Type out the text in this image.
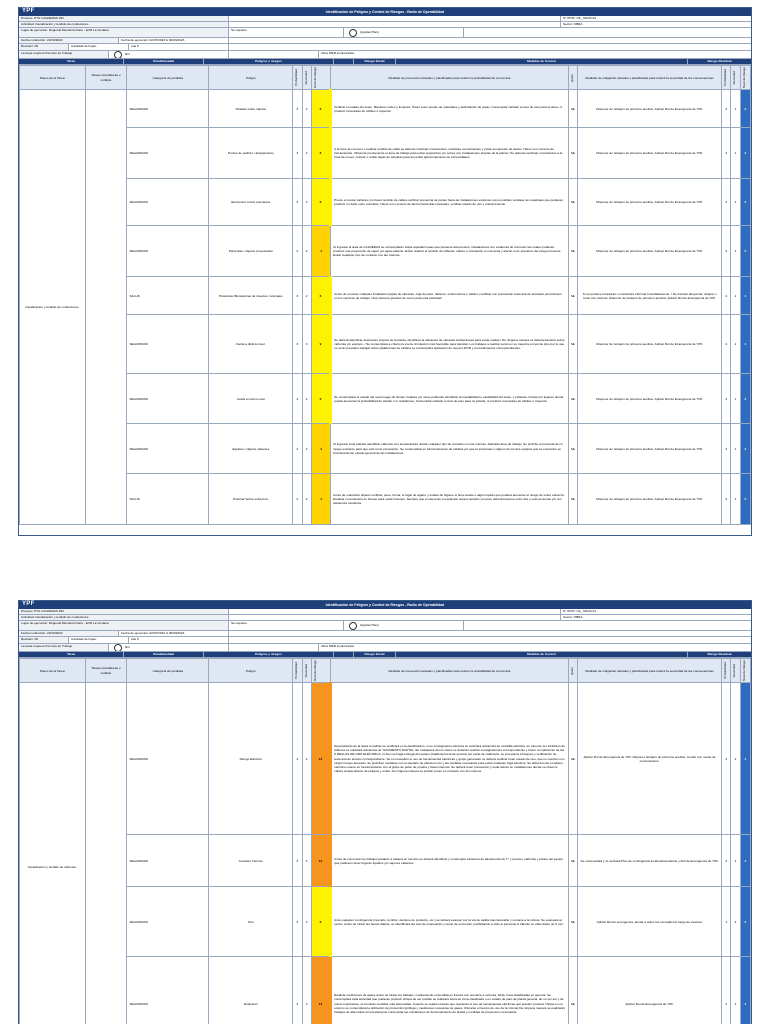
YPF	Identificación de Peligros y Control de Riesgos - Radio de Operabilidad
Proceso: PTG CALDERAS DM	N° IPOK: CIL_SSOS-01
Actividad: Canalización y tendido de conductores	Sector: OBRA
Lugar de ejecución: Regional Mendoza Norte - EVR La Ventana	Se requiere	(Ajustar Plan)
Fecha confección: 22/10/2022	Fecha de ejecución: 02/07/2023 & 30/03/2023
Revisión: 00	Cantidad de hojas:	1de 5
La tarea requiere Permiso de Trabajo	NO	Obra IPER involucrados
Tarea	Simultaneidad	Peligros y riesgos	Riesgo Inicial	Medidas de Control	Riesgo Residual
Pasos de la Tarea	Tareas simultáneas o múltiple	Categoría de pérdidas	Peligro	Probabilidad	Severidad	Nivel de Riesgo	Medidas de prevención actuales y planificadas para reducir la probabilidad de ocurrencia	Quién	Medidas de mitigación actuales y planificadas para reducir la severidad de las consecuencias	Probabilidad	Severidad	Nivel de Riesgo

Canalización y tendido de conductores.		SEGURIDAD	Pisadas sobre objetos	3	2	6	Verificar el estado del suelo. Mantener orden y limpieza. Hacer buen acopio de materiales y delimitación de áreas. Contemplar calzado a nivel de piso para la tarea, ni producir torceduras de tobillos o tropezón.	SE	Disponer de botiquín de primeros auxilios. Aplicar Rol de Emergencia de YPF.	2	1	2
		SEGURIDAD	Puntos de pellizco / atrapamiento	3	2	6	A la hora de remover o realizar tendido de cable se deberá coordinar movimientos, mediante comunicación y evitar así apretón de dedos. Hacer uso correcto de herramientas. Observar previamente el área de trabajo para evitar enganches y/o cortes con instalaciones propias de la planta / Se deberá coordinar movimientos a la hora de mover, colocar o retirar tapas de cámaras para así evitar aprisionamiento de extremidades.	SE	Disponer de botiquín de primeros auxilios. Aplicar Rol de Emergencia de YPF.	2	1	2
		SEGURIDAD	Elementos cortos punzantes	3	2	6	Previo a montar cañeries y/o hacer tendido de cables verificar presencia de partes fuera de instalaciones existente como posibles véndase de materiales que pudiesen producir un daño corto punzante. Hacer uso correcto de las herramientas manuales, verificar estado de uso y mantenimiento.	SE	Disponer de botiquín de primeros auxilios. Aplicar Rol de Emergencia de YPF.	2	1	2
		SEGURIDAD	Partículas / objetos proyectados	2	2	4	Al ingresar al área de CALDERAS se contemplarán todas aquellas líneas que presente alta presión, instalaciones con evidencia de corrosión las cuales pudieran producir una proyección de vapor y/o agua caliente. Evitar realizar el tendido de cañeras, cables o circulación en cercanía y alertar a los operarios del riesgo presente. Evitar cualquier tipo de contacto con las mismas.	SE	Disponer de botiquín de primeros auxilios. Aplicar Rol de Emergencia de YPF.	2	1	2
		SALUD	Picaduras /Mordeduras de insectos / animales	3	2	6	Antes de remover cualquier instalación (tapas de cámaras, caja de paso, tableros, instrumentos o cables ) verificar con precaución ausencia de animales ponzoñosos en los sectores de trabajo. Usar siempre guantes de cuero para esta actividad.	SE	Si se produce picaduras o mordedura informar inmediatamente. / No intentar ahuyentar, atrapar o tocar sus mismas. Disponer de botiquín de primeros auxilios. Aplicar Rol de Emergencia de YPF.	2	2	4
		SEGURIDAD	Caída a distinto nivel.	3	3	9	Se deberá identificar desniveles propios de la planta, identificar la ubicación de cámaras subterráneas para evitar caídas / De ninguna manera se deberá transitar sobre cañerías y/o equipos. / Se contemplará a criterio la vía de circulación más favorable para transitar. Los trabajos a realizar serán en su mayoría a nivel de piso por lo que no será necesario trabajar sobre plataformas de caldera se contemplara aplicación de nuevos IPCR y procedimientos correspondientes.	SE	Disponer de botiquín de primeros auxilios. Aplicar Rol de Emergencia de YPF.	2	2	4
		SEGURIDAD	Caída a mismo nivel	3	2	6	Se contemplará el estado del suelo luego de lluvias, heladas y/o nieve pudiendo identificar la inestabilidad o estabilidad del suelo, y evitando circular por lugares donde pueda aumentar la probabilidad de caídas o /o resbalones. Contemplar calzado a nivel de piso para no pisarla, ni producir torceduras de tobillos o tropezón.	SE	Disponer de botiquín de primeros auxilios. Aplicar Rol de Emergencia de YPF.	2	1	2
		SEGURIDAD	Equipos / objetos calientes	2	2	4	Al ingresar a las plantas identificar cañerías con temperaturas. Evitar cualquier tipo de contacto con las mismas. Delimitar área de trabajo. Se prohíbe al personal de mi riesgo existente para que este tome precaución. Se contemplará en funcionamiento de caldera y/o sea en ponérselo o alguno de los dos equipos que se encuentre en funcionamiento estado general de las instalaciones.	SE	Disponer de botiquín de primeros auxilios. Aplicar Rol de Emergencia de YPF.	2	1	2
		SALUD	Postura/ Sobre esfuerzos.	2	2	4	Antes de manipular objetos verificar, peso, forma, el lugar de agarre y estado de higiene si tiene aceite o algún líquido que pudiera aumentar el riesgo de sobre esfuerzo. Realizar movimientos en bloque para evitar lesiones. Siempre que el elemento a manipular supere tamaño y/o peso deberá hacerse entre dos o más personas y/o con asistencia mecánica.	SE	Disponer de botiquín de primeros auxilios. Aplicar Rol de Emergencia de YPF.	2	1	2
YPF	Identificación de Peligros y Control de Riesgos - Radio de Operabilidad
Proceso: PTG CALDERAS DM	N° IPOK: CIL_SSOS-01
Actividad: Canalización y tendido de conductores	Sector: OBRA
Lugar de ejecución: Regional Mendoza Norte - EVR La Ventana	Se requiere	(Ajustar Plan)
Fecha confección: 22/10/2022	Fecha de ejecución: 02/07/2023 & 30/03/2023
Revisión: 00	Cantidad de hojas:	2de 5
La tarea requiere Permiso de Trabajo	NO	Obra IPER involucrados
Tarea	Simultaneidad	Peligros y riesgos	Riesgo Inicial	Medidas de Control	Riesgo Residual
Pasos de la Tarea	Tareas simultáneas o múltiple	Categoría de pérdidas	Peligro	Probabilidad	Severidad	Nivel de Riesgo	Medidas de prevención actuales y planificadas para reducir la probabilidad de ocurrencia	Quién	Medidas de mitigación actuales y planificadas para reducir la severidad de las consecuencias	Probabilidad	Severidad	Nivel de Riesgo

Canalización y tendido de cañerías.		SEGURIDAD	Riesgo Eléctrico	3	4	12	Dependiendo de la tarea a realizar se verificará en la planificación, si es consignación eléctrica se solicitará asistencia de cuadrilla eléctrica, en caso de ser inhibición de tableros se solicitará asistencia de YACIMIENTO DIGITAL. En cualquiera de los casos se deberán realizar consignaciones correspondiente y hacer cumplimiento de las 5 REGLAS DE ORO ELÉCTRICA, O bien se haga entrega del equipo (Caldera) fuera de servicio por parte de caldereria, se procederá a bloqueo y verificación de ausencia de tensión correspondiente. Se en necesario el uso de herramientas eléctricas y grupo generador se deberá verificar buen estado de uso, que no cuenten con ningún riesgo anexado. Se prohíben mediante con el operario de planta el uso y las medidas necesarias para evitar cualquier fuga eléctrica. Se deberá tener el tablero eléctrico cuente en funcionamiento con el golpe de pulso de prueba y fases internas. Se deberá tener precaución y estar atento en instalaciones donde se observe cables al descubierto de peligros y evitar. De ninguna manera se podrán poner en contacto con los mismos.	SE	Aplicar Rol de Emergencia de YPF. Disponer botiquín de primeros auxilios. Contar con medio de comunicación.	2	2	4
		SEGURIDAD	Contacto Térmico	3	4	12	Antes de comenzar los trabajos paralelo a caldera en servicio se deberá identificar y contemplar cartelería de advertencia de T° y presión, cañerías y partes del equipo que pudiesen tener fuga de líquidos y/o vapores calientes.	SE	Se contemplará y se activará Plan de contingencia incidente/accidente y Rol de Emergencia de YPF.	2	2	4
		SEGURIDAD	Otro	3	2	6	Ante cualquier contingencia (incendio, temblor, derrame de producto, etc.) se deberá evacuar por la vía de salida más favorable y cercana a la misma. Se evacuará al sector. Antes de iniciar las tareas diarias, se identificará las vías de evacuación y punto de encuentro posibilitando a todo el personal el tránsito en ellas diario de 5 min.	SE	Aplicar Rol de emergencia, alertar a todos los compañeros luego de evacuar.	1	2	2
		SEGURIDAD	Explosión	3	3	12	Realizar mediciones de gases antes de iniciar los trabajos, manteniendo encendida en frentes con cercanía a ventosa, brida, línea clasificadas en general. Se contemplará toda actividad que pudieran producir chispa de ser posible se realizará fuera de zona clasificada o en estado de paro de planta general, de no ser así y de suma importancia, se tomarán medidas más adecuadas. Cuando se realicen tareas que requieran el uso de herramientas eléctricas que pueden producir chispa en su entorno se contemplará la utilización de protección ignífuga y mediciones sucesivas de gases. (Durante el tiempo de uso de la misma) De ninguna manera se realizarán trabajos de alta índole sin previamente contemplar las condiciones de funcionamiento de planta y medidas de prevención necesarias.	SE	Aplicar Rol de Emergencia de YPF.	2	2	4
